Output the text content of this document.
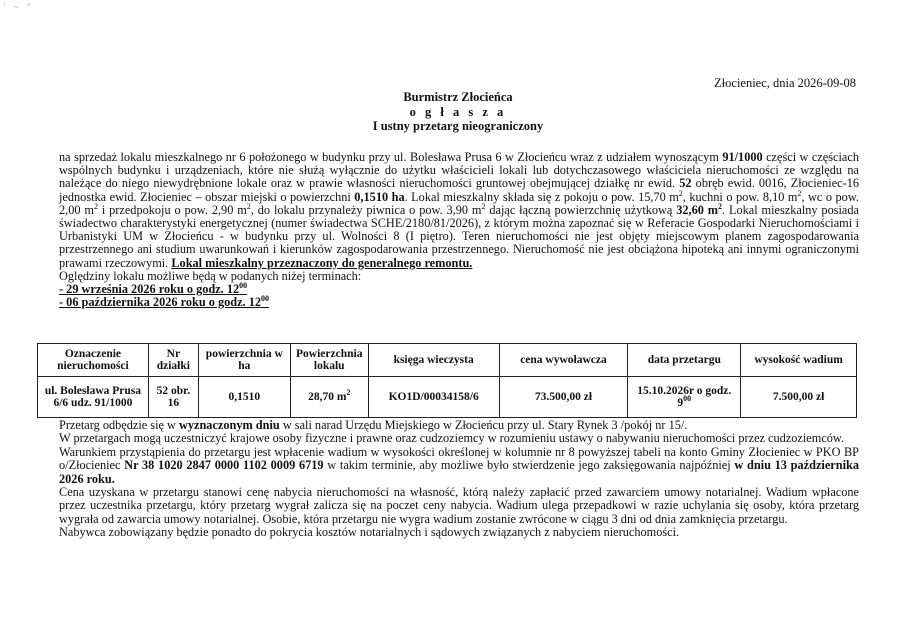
' ~ "
Złocieniec, dnia 2026-09-08
Burmistrz Złocieńca
o g ł a s z a
I ustny przetarg nieograniczony

na sprzedaż lokalu mieszkalnego nr 6 położonego w budynku przy ul. Bolesława Prusa 6 w Złocieńcu wraz z udziałem wynoszącym 91/1000 części w częściach wspólnych budynku i urządzeniach, które nie służą wyłącznie do użytku właścicieli lokali lub dotychczasowego właściciela nieruchomości ze względu na należące do niego niewydrębnione lokale oraz w prawie własności nieruchomości gruntowej obejmującej działkę nr ewid. 52 obręb ewid. 0016, Złocieniec-16 jednostka ewid. Złocieniec – obszar miejski o powierzchni 0,1510 ha. Lokal mieszkalny składa się z pokoju o pow. 15,70 $m^2$, kuchni o pow. 8,10 $m^2$, wc o pow. 2,00 $m^2$ i przedpokoju o pow. 2,90 $m^2$, do lokalu przynależy piwnica o pow. 3,90 $m^2$ dając łączną powierzchnię użytkową 32,60 $m^2$. Lokal mieszkalny posiada świadectwo charakterystyki energetycznej (numer świadectwa SCHE/2180/81/2026), z którym można zapoznać się w Referacie Gospodarki Nieruchomościami i Urbanistyki UM w Złocieńcu - w budynku przy ul. Wolności 8 (I piętro). Teren nieruchomości nie jest objęty miejscowym planem zagospodarowania przestrzennego ani studium uwarunkowań i kierunków zagospodarowania przestrzennego. Nieruchomość nie jest obciążona hipoteką ani innymi ograniczonymi prawami rzeczowymi. Lokal mieszkalny przeznaczony do generalnego remontu.

Oględziny lokalu możliwe będą w podanych niżej terminach:

- 29 września 2026 roku o godz. $12^{00}$

- 06 października 2026 roku o godz. $12^{00}$

Oznaczenie nieruchomości	Nr działki	powierzchnia w ha	Powierzchnia lokalu	księga wieczysta	cena wywoławcza	data przetargu	wysokość wadium
ul. Bolesława Prusa 6/6 udz. 91/1000	52 obr. 16	0,1510	28,70 $m^2$	KO1D/00034158/6	73.500,00 zł	15.10.2026r o godz. $9^{00}$	7.500,00 zł

Przetarg odbędzie się w wyznaczonym dniu w sali narad Urzędu Miejskiego w Złocieńcu przy ul. Stary Rynek 3 /pokój nr 15/.

W przetargach mogą uczestniczyć krajowe osoby fizyczne i prawne oraz cudzoziemcy w rozumieniu ustawy o nabywaniu nieruchomości przez cudzoziemców.

Warunkiem przystąpienia do przetargu jest wpłacenie wadium w wysokości określonej w kolumnie nr 8 powyższej tabeli na konto Gminy Złocieniec w PKO BP o/Złocieniec Nr 38 1020 2847 0000 1102 0009 6719 w takim terminie, aby możliwe było stwierdzenie jego zaksięgowania najpóźniej w dniu 13 października 2026 roku.

Cena uzyskana w przetargu stanowi cenę nabycia nieruchomości na własność, którą należy zapłacić przed zawarciem umowy notarialnej. Wadium wpłacone przez uczestnika przetargu, który przetarg wygrał zalicza się na poczet ceny nabycia. Wadium ulega przepadkowi w razie uchylania się osoby, która przetarg wygrała od zawarcia umowy notarialnej. Osobie, która przetargu nie wygra wadium zostanie zwrócone w ciągu 3 dni od dnia zamknięcia przetargu.

Nabywca zobowiązany będzie ponadto do pokrycia kosztów notarialnych i sądowych związanych z nabyciem nieruchomości.
